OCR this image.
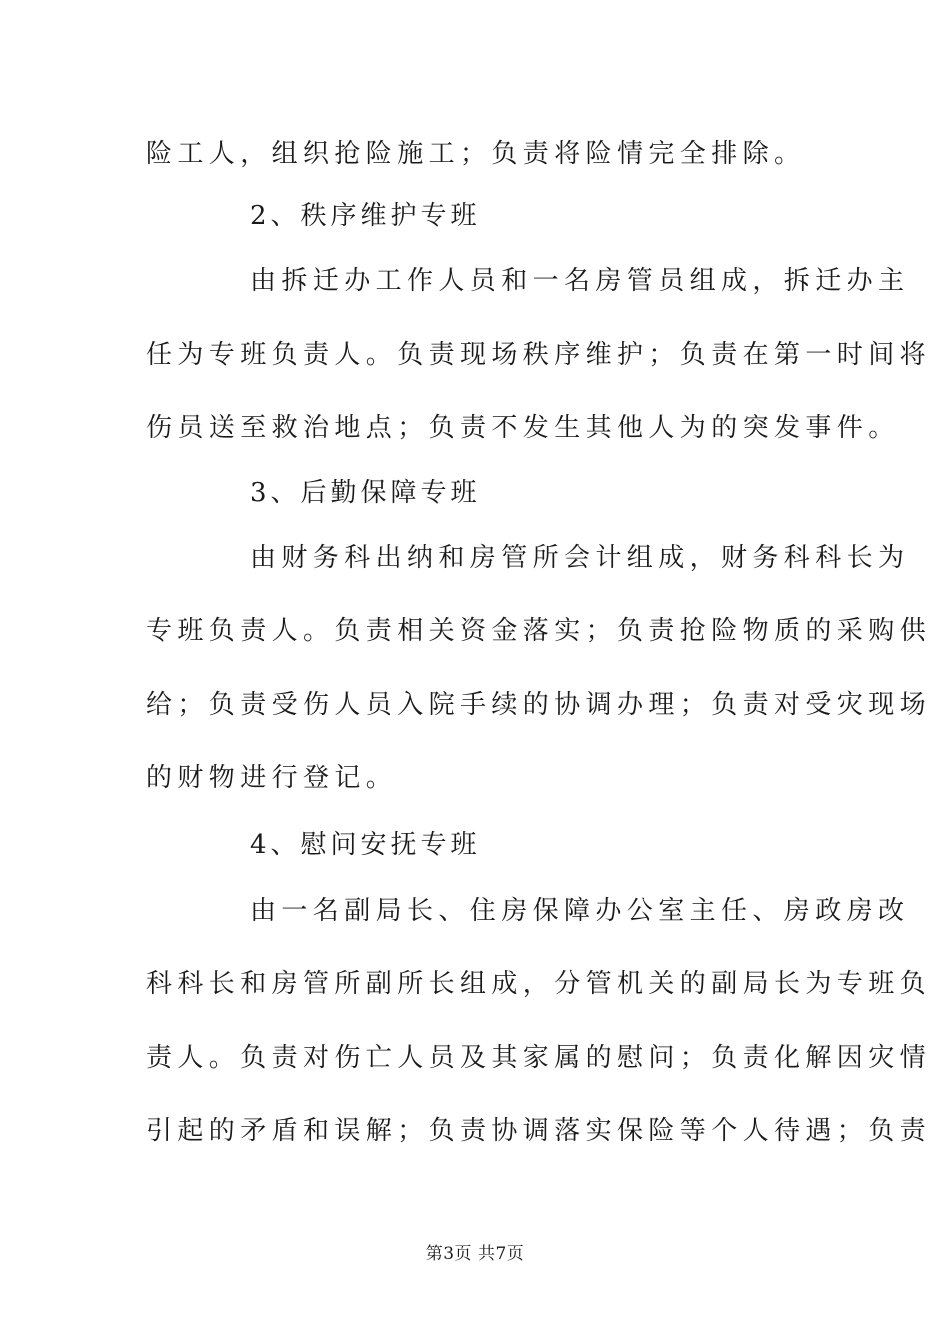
险工人，组织抢险施工；负责将险情完全排除。
2、秩序维护专班
由拆迁办工作人员和一名房管员组成，拆迁办主
任为专班负责人。负责现场秩序维护；负责在第一时间将
伤员送至救治地点；负责不发生其他人为的突发事件。
3、后勤保障专班
由财务科出纳和房管所会计组成，财务科科长为
专班负责人。负责相关资金落实；负责抢险物质的采购供
给；负责受伤人员入院手续的协调办理；负责对受灾现场
的财物进行登记。
4、慰问安抚专班
由一名副局长、住房保障办公室主任、房政房改
科科长和房管所副所长组成，分管机关的副局长为专班负
责人。负责对伤亡人员及其家属的慰问；负责化解因灾情
引起的矛盾和误解；负责协调落实保险等个人待遇；负责
第3页 共7页
